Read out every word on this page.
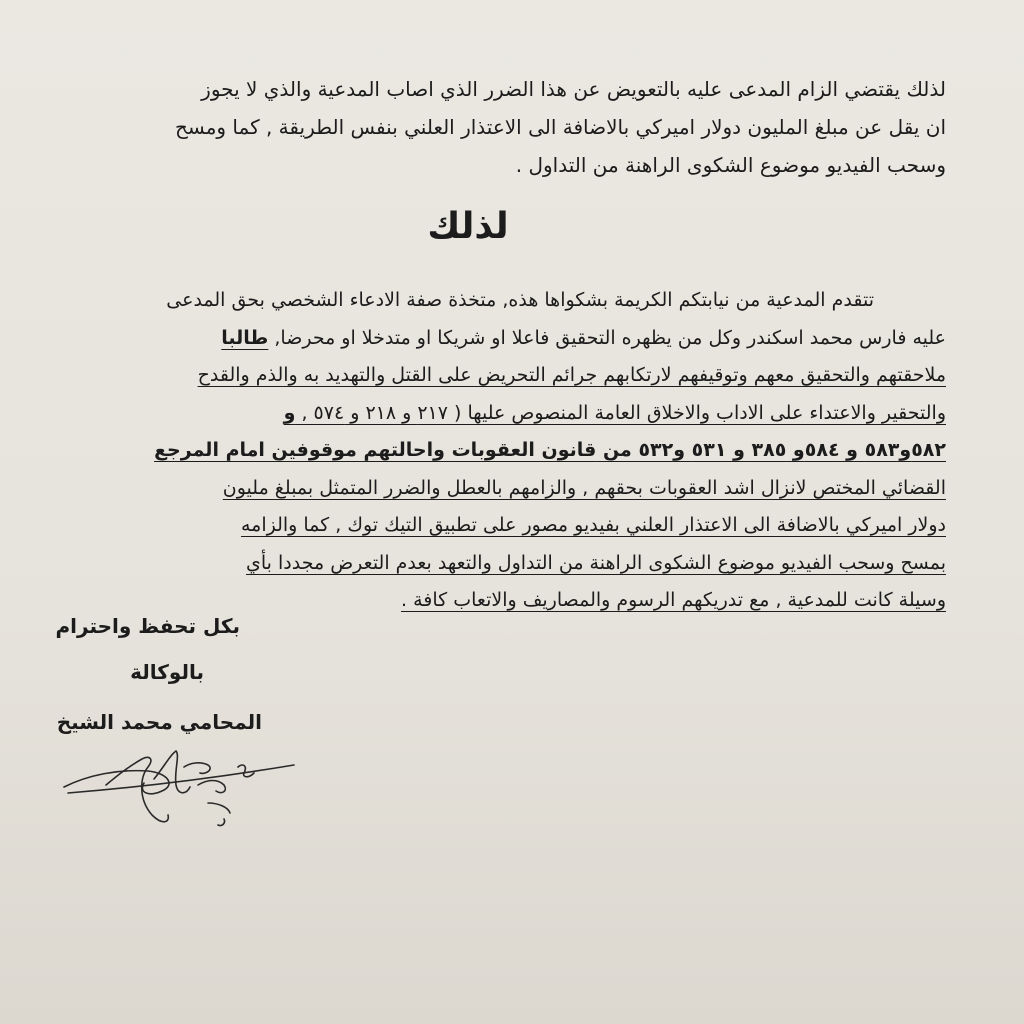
لذلك يقتضي الزام المدعى عليه بالتعويض عن هذا الضرر الذي اصاب المدعية والذي لا يجوز

ان يقل عن مبلغ المليون دولار اميركي بالاضافة الى الاعتذار العلني بنفس الطريقة , كما ومسح

وسحب الفيديو موضوع الشكوى الراهنة من التداول .

لذلك

تتقدم المدعية من نيابتكم الكريمة بشكواها هذه, متخذة صفة الادعاء الشخصي بحق المدعى

عليه فارس محمد اسكندر وكل من يظهره التحقيق فاعلا او شريكا او متدخلا او محرضا, طالبا

ملاحقتهم والتحقيق معهم وتوقيفهم لارتكابهم جرائم التحريض على القتل والتهديد به والذم والقدح

والتحقير والاعتداء على الاداب والاخلاق العامة المنصوص عليها ( ٢١٧ و ٢١٨ و ٥٧٤ , و

٥٨٢و٥٨٣ و ٥٨٤و ٣٨٥ و ٥٣١ و٥٣٢ من قانون العقوبات واحالتهم موقوفين امام المرجع

القضائي المختص لانزال اشد العقوبات بحقهم , والزامهم بالعطل والضرر المتمثل بمبلغ مليون

دولار اميركي بالاضافة الى الاعتذار العلني بفيديو مصور على تطبيق التيك توك , كما والزامه

بمسح وسحب الفيديو موضوع الشكوى الراهنة من التداول والتعهد بعدم التعرض مجددا بأي

وسيلة كانت للمدعية , مع تدريكهم الرسوم والمصاريف والاتعاب كافة .

بكل تحفظ واحترام
بالوكالة
المحامي محمد الشيخ
